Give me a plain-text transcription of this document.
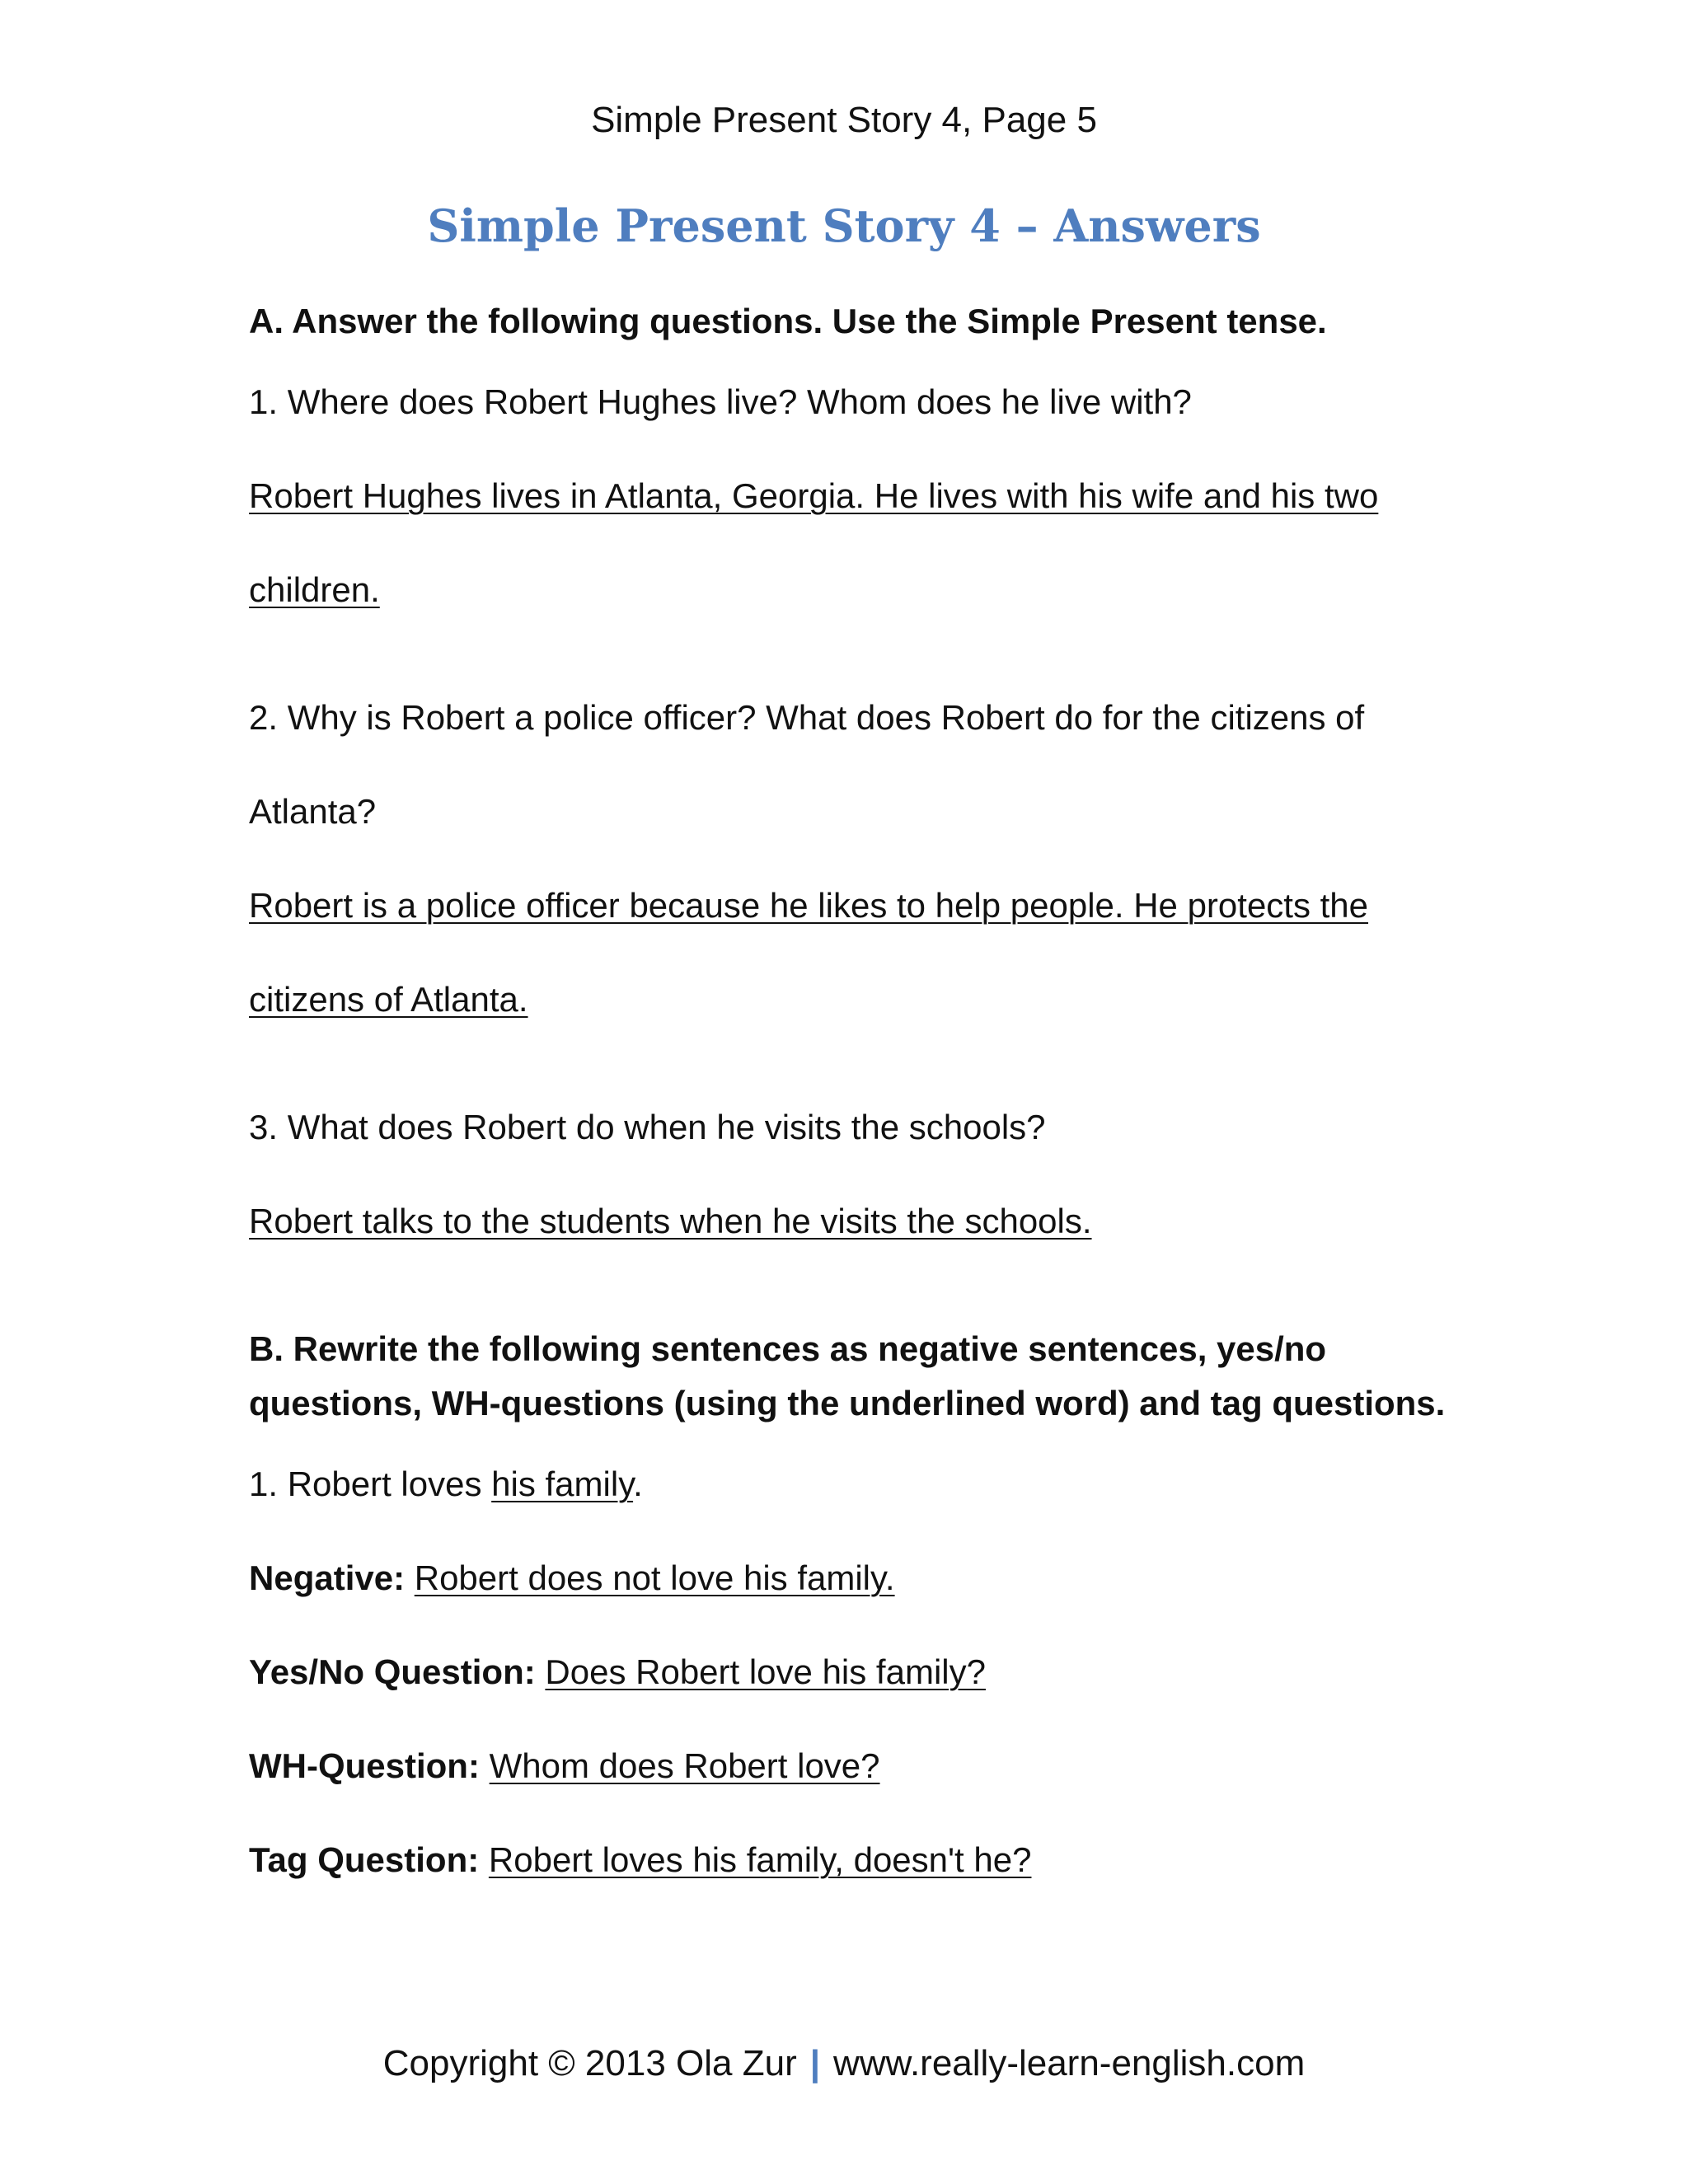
Simple Present Story 4, Page 5
Simple Present Story 4 – Answers
A. Answer the following questions. Use the Simple Present tense.
1. Where does Robert Hughes live? Whom does he live with?
Robert Hughes lives in Atlanta, Georgia. He lives with his wife and his two
children.
2. Why is Robert a police officer? What does Robert do for the citizens of
Atlanta?
Robert is a police officer because he likes to help people. He protects the
citizens of Atlanta.
3. What does Robert do when he visits the schools?
Robert talks to the students when he visits the schools.
B. Rewrite the following sentences as negative sentences, yes/no
questions, WH-questions (using the underlined word) and tag questions.
1. Robert loves his family.
Negative: Robert does not love his family.
Yes/No Question: Does Robert love his family?
WH-Question: Whom does Robert love?
Tag Question: Robert loves his family, doesn't he?
Copyright © 2013 Ola Zur | www.really-learn-english.com
